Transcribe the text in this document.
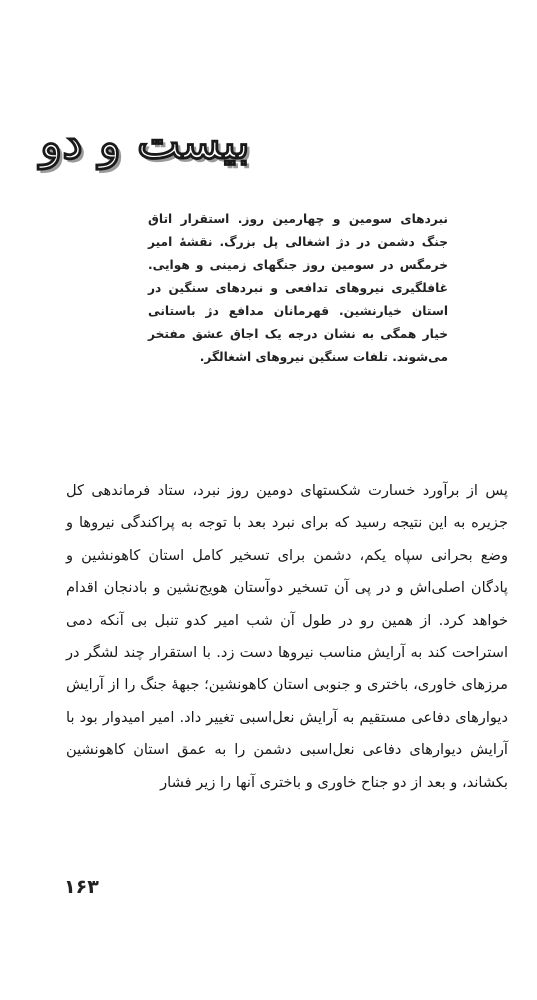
بیست و دو

نبردهای سومین و چهارمین روز. استقرار اتاق جنگ دشمن در دژ اشغالی پل بزرگ. نقشهٔ امیر خرمگس در سومین روز جنگهای زمینی و هوایی. غافلگیری نیروهای تدافعی و نبردهای سنگین در استان خیارنشین. قهرمانان مدافع دژ باستانی خیار همگی به نشان درجه یک اجاق عشق مفتخر می‌شوند. تلفات سنگین نیروهای اشغالگر.

پس از برآورد خسارت شکستهای دومین روز نبرد، ستاد فرماندهی کل جزیره به این نتیجه رسید که برای نبرد بعد با توجه به پراکندگی نیروها و وضع بحرانی سپاه یکم، دشمن برای تسخیر کامل استان کاهونشین و پادگان اصلی‌اش و در پی آن تسخیر دوآستان هویج‌نشین و بادنجان اقدام خواهد کرد. از همین رو در طول آن شب امیر کدو تنبل بی آنکه دمی استراحت کند به آرایش مناسب نیروها دست زد. با استقرار چند لشگر در مرزهای خاوری، باختری و جنوبی استان کاهونشین؛ جبههٔ جنگ را از آرایش دیوارهای دفاعی مستقیم به آرایش نعل‌اسبی تغییر داد. امیر امیدوار بود با آرایش دیوارهای دفاعی نعل‌اسبی دشمن را به عمق استان کاهونشین بکشاند، و بعد از دو جناح خاوری و باختری آنها را زیر فشار

۱۶۳
